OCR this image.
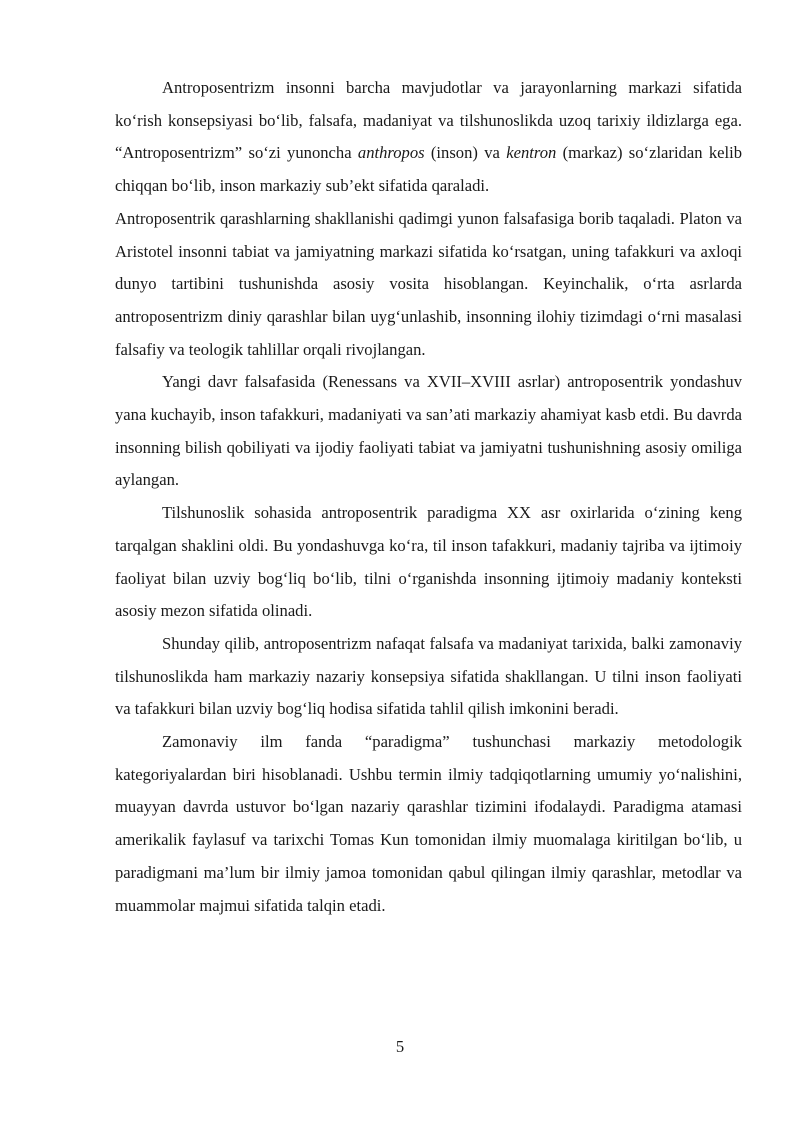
Antroposentrizm insonni barcha mavjudotlar va jarayonlarning markazi sifatida ko‘rish konsepsiyasi bo‘lib, falsafa, madaniyat va tilshunoslikda uzoq tarixiy ildizlarga ega. “Antroposentrizm” so‘zi yunoncha anthropos (inson) va kentron (markaz) so‘zlaridan kelib chiqqan bo‘lib, inson markaziy sub’ekt sifatida qaraladi.

Antroposentrik qarashlarning shakllanishi qadimgi yunon falsafasiga borib taqaladi. Platon va Aristotel insonni tabiat va jamiyatning markazi sifatida ko‘rsatgan, uning tafakkuri va axloqi dunyo tartibini tushunishda asosiy vosita hisoblangan. Keyinchalik, o‘rta asrlarda antroposentrizm diniy qarashlar bilan uyg‘unlashib, insonning ilohiy tizimdagi o‘rni masalasi falsafiy va teologik tahlillar orqali rivojlangan.

Yangi davr falsafasida (Renessans va XVII–XVIII asrlar) antroposentrik yondashuv yana kuchayib, inson tafakkuri, madaniyati va san’ati markaziy ahamiyat kasb etdi. Bu davrda insonning bilish qobiliyati va ijodiy faoliyati tabiat va jamiyatni tushunishning asosiy omiliga aylangan.

Tilshunoslik sohasida antroposentrik paradigma XX asr oxirlarida o‘zining keng tarqalgan shaklini oldi. Bu yondashuvga ko‘ra, til inson tafakkuri, madaniy tajriba va ijtimoiy faoliyat bilan uzviy bog‘liq bo‘lib, tilni o‘rganishda insonning ijtimoiy madaniy konteksti asosiy mezon sifatida olinadi.

Shunday qilib, antroposentrizm nafaqat falsafa va madaniyat tarixida, balki zamonaviy tilshunoslikda ham markaziy nazariy konsepsiya sifatida shakllangan. U tilni inson faoliyati va tafakkuri bilan uzviy bog‘liq hodisa sifatida tahlil qilish imkonini beradi.

Zamonaviy ilm fanda “paradigma” tushunchasi markaziy metodologik kategoriyalardan biri hisoblanadi. Ushbu termin ilmiy tadqiqotlarning umumiy yo‘nalishini, muayyan davrda ustuvor bo‘lgan nazariy qarashlar tizimini ifodalaydi. Paradigma atamasi amerikalik faylasuf va tarixchi Tomas Kun tomonidan ilmiy muomalaga kiritilgan bo‘lib, u paradigmani ma’lum bir ilmiy jamoa tomonidan qabul qilingan ilmiy qarashlar, metodlar va muammolar majmui sifatida talqin etadi.

5
